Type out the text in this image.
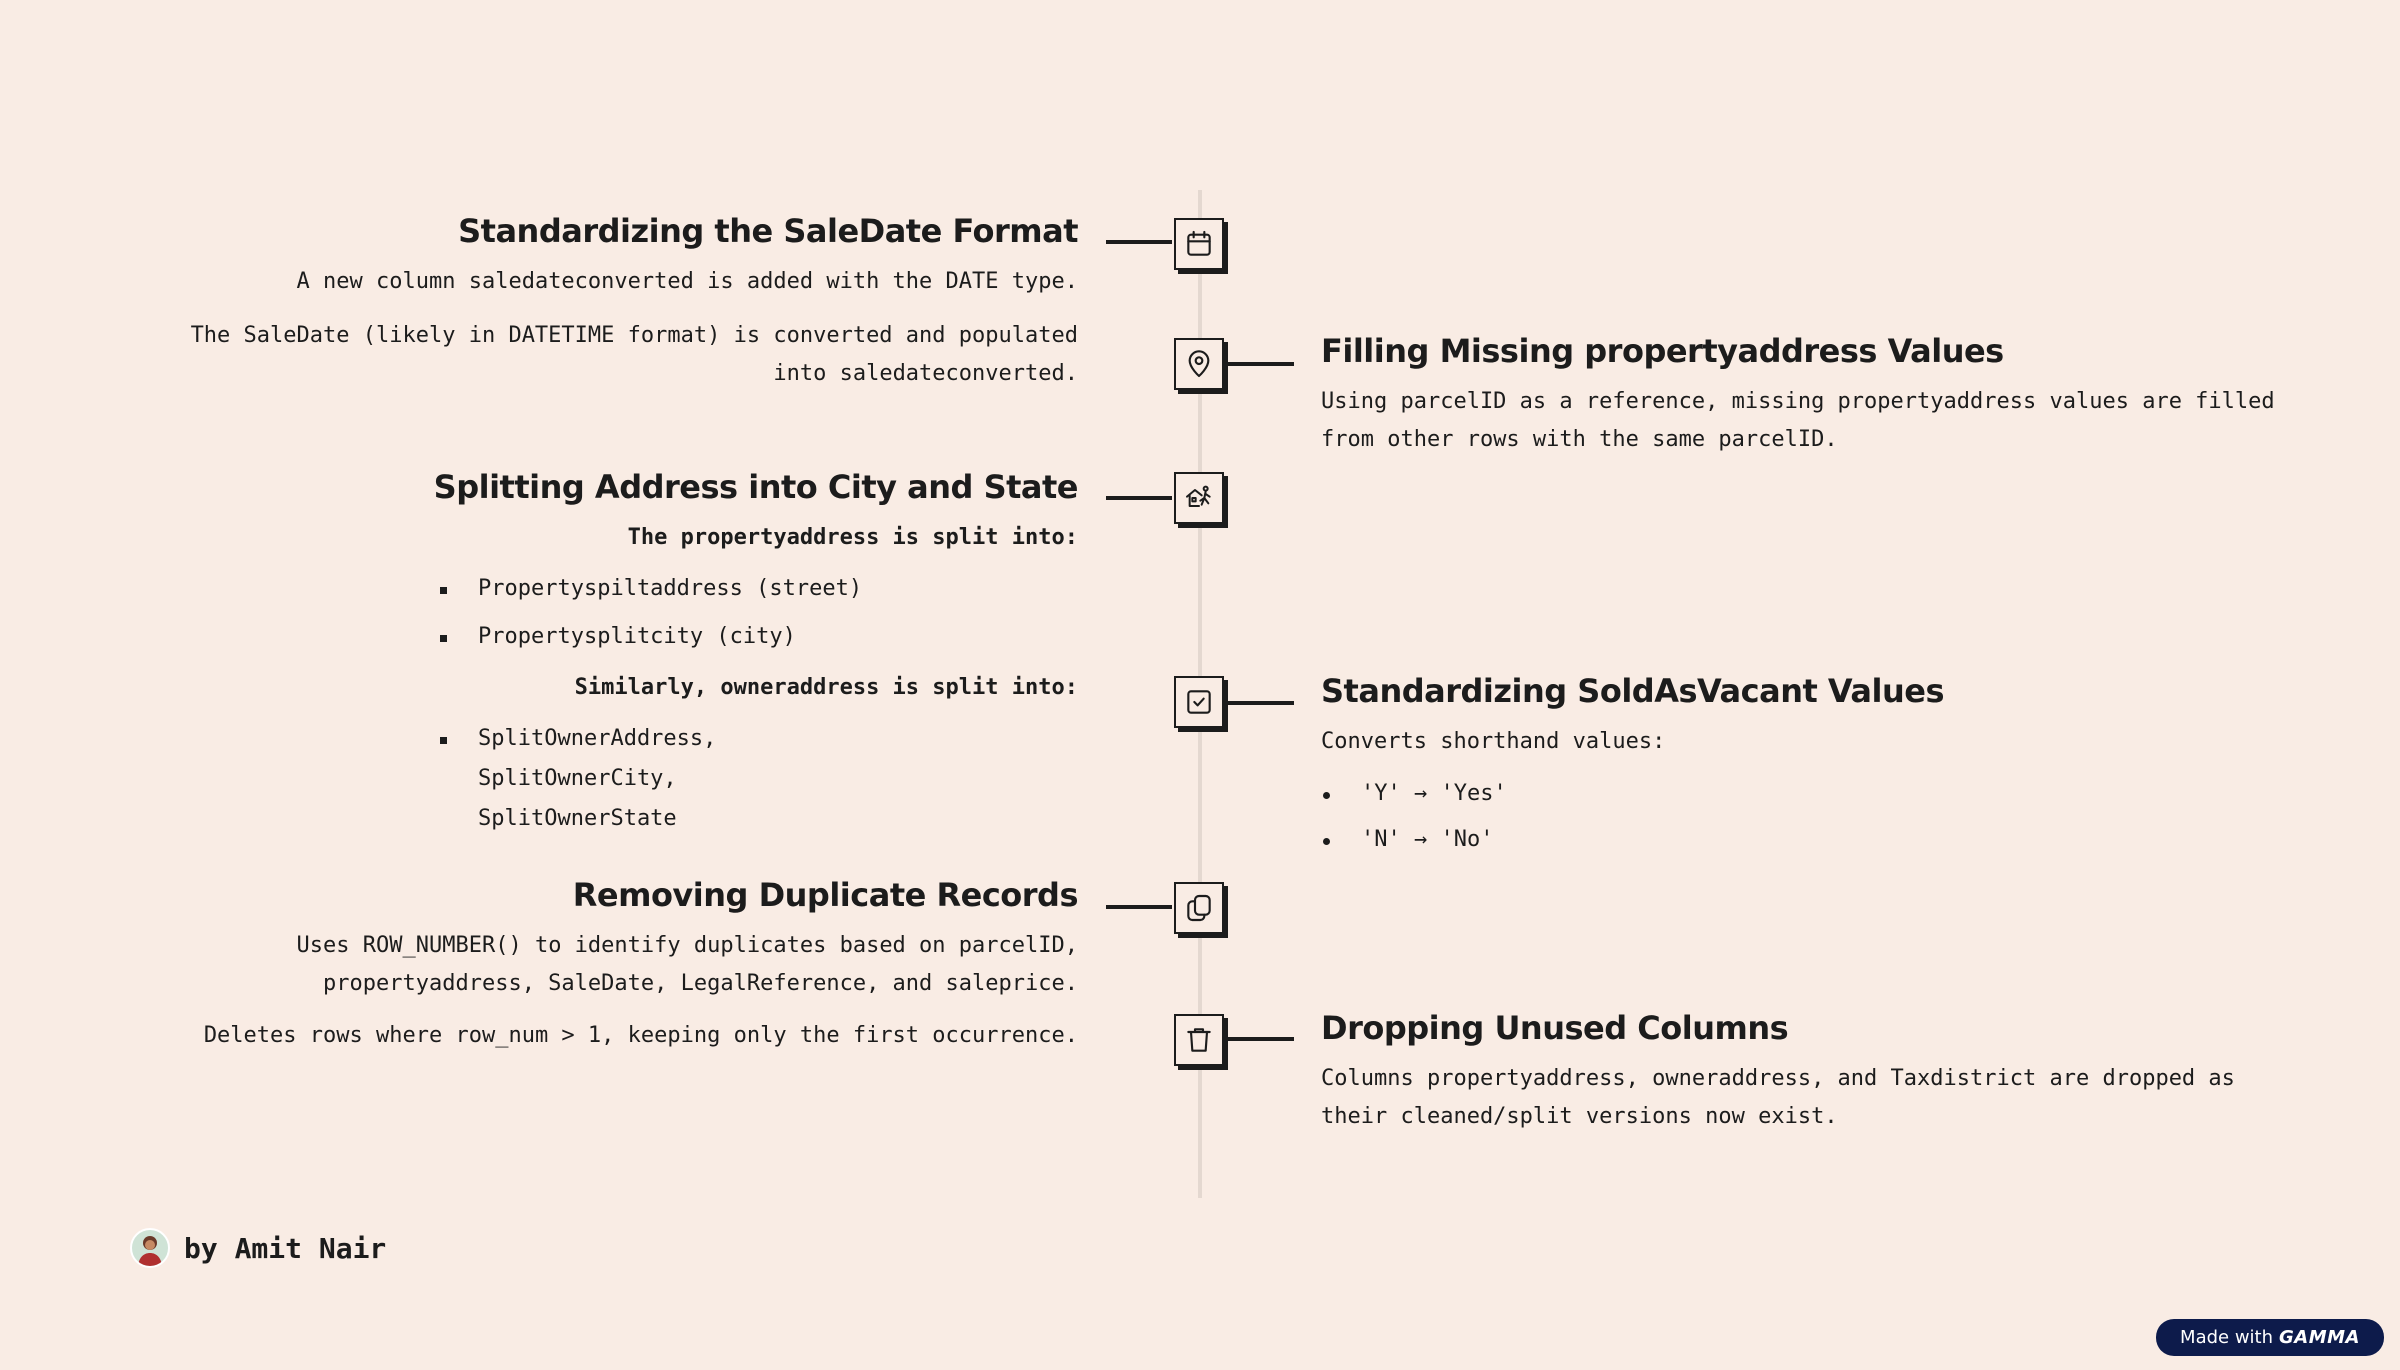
Standardizing the SaleDate Format

A new column saledateconverted is added with the DATE type.

The SaleDate (likely in DATETIME format) is converted and populated into saledateconverted.

Filling Missing propertyaddress Values

Using parcelID as a reference, missing propertyaddress values are filled from other rows with the same parcelID.

Splitting Address into City and State

The propertyaddress is split into:

Propertyspiltaddress (street)
Propertysplitcity (city)

Similarly, owneraddress is split into:

SplitOwnerAddress, SplitOwnerCity, SplitOwnerState
Standardizing SoldAsVacant Values

Converts shorthand values:

'Y' → 'Yes'
'N' → 'No'
Removing Duplicate Records

Uses ROW_NUMBER() to identify duplicates based on parcelID, propertyaddress, SaleDate, LegalReference, and saleprice.

Deletes rows where row_num > 1, keeping only the first occurrence.	Dropping Unused Columns

Columns propertyaddress, owneraddress, and Taxdistrict are dropped as their cleaned/split versions now exist.

by Amit Nair
Made with GAMMA
